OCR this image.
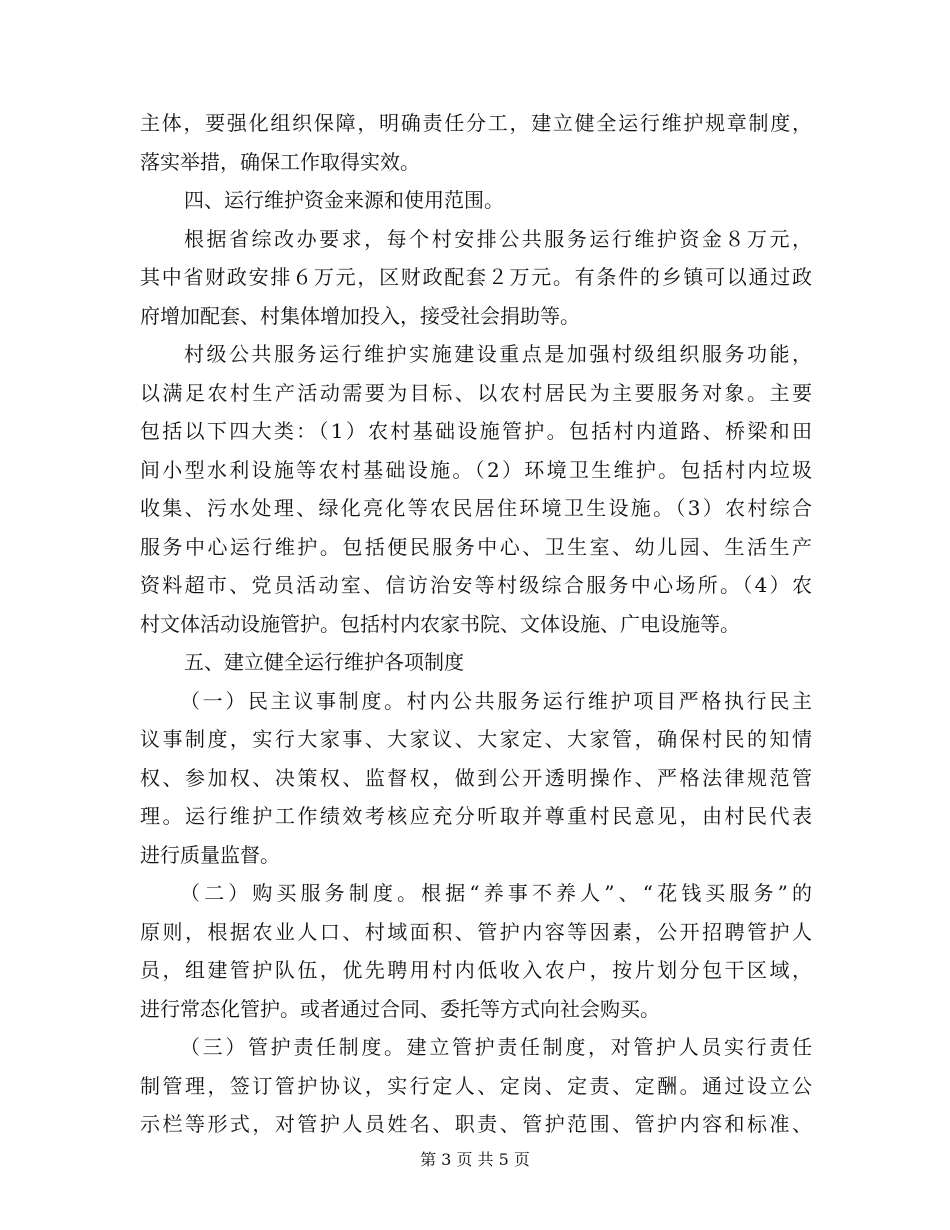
主体，要强化组织保障，明确责任分工，建立健全运行维护规章制度，
落实举措，确保工作取得实效。
四、运行维护资金来源和使用范围。
根据省综改办要求，每个村安排公共服务运行维护资金８万元，
其中省财政安排６万元，区财政配套２万元。有条件的乡镇可以通过政
府增加配套、村集体增加投入，接受社会捐助等。
村级公共服务运行维护实施建设重点是加强村级组织服务功能，
以满足农村生产活动需要为目标、以农村居民为主要服务对象。主要
包括以下四大类：（1）农村基础设施管护。包括村内道路、桥梁和田
间小型水利设施等农村基础设施。（2）环境卫生维护。包括村内垃圾
收集、污水处理、绿化亮化等农民居住环境卫生设施。（3）农村综合
服务中心运行维护。包括便民服务中心、卫生室、幼儿园、生活生产
资料超市、党员活动室、信访治安等村级综合服务中心场所。（4）农
村文体活动设施管护。包括村内农家书院、文体设施、广电设施等。
五、建立健全运行维护各项制度
（一）民主议事制度。村内公共服务运行维护项目严格执行民主
议事制度，实行大家事、大家议、大家定、大家管，确保村民的知情
权、参加权、决策权、监督权，做到公开透明操作、严格法律规范管
理。运行维护工作绩效考核应充分听取并尊重村民意见，由村民代表
进行质量监督。
（二）购买服务制度。根据“养事不养人”、“花钱买服务”的
原则，根据农业人口、村域面积、管护内容等因素，公开招聘管护人
员，组建管护队伍，优先聘用村内低收入农户，按片划分包干区域，
进行常态化管护。或者通过合同、委托等方式向社会购买。
（三）管护责任制度。建立管护责任制度，对管护人员实行责任
制管理，签订管护协议，实行定人、定岗、定责、定酬。通过设立公
示栏等形式，对管护人员姓名、职责、管护范围、管护内容和标准、
第 3 页 共 5 页
